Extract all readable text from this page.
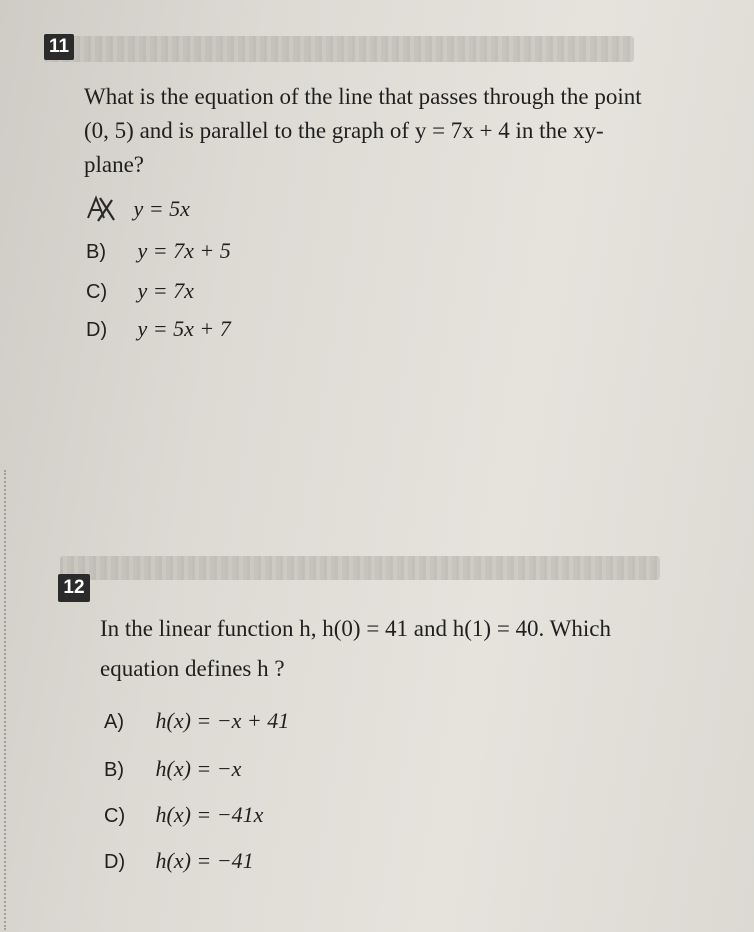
11
What is the equation of the line that passes through the point (0, 5) and is parallel to the graph of y = 7x + 4 in the xy-plane?
y = 5x
B) y = 7x + 5
C) y = 7x
D) y = 5x + 7
12
In the linear function h, h(0) = 41 and h(1) = 40. Which equation defines h ?
A) h(x) = −x + 41
B) h(x) = −x
C) h(x) = −41x
D) h(x) = −41
